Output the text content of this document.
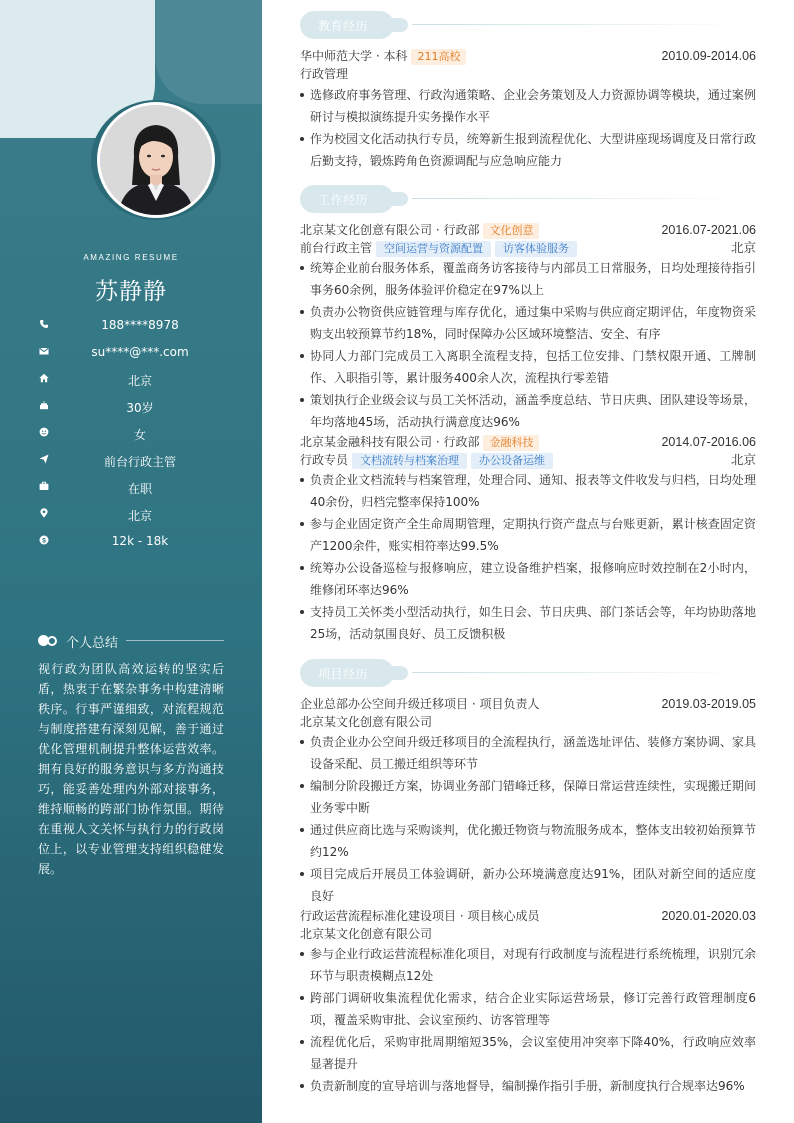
AMAZING RESUME
苏静静
188****8978
su****@***.com
北京
30岁
女
前台行政主管
在职
北京
$	12k - 18k
个人总结
视行政为团队高效运转的坚实后盾，热衷于在繁杂事务中构建清晰秩序。行事严谨细致，对流程规范与制度搭建有深刻见解，善于通过优化管理机制提升整体运营效率。拥有良好的服务意识与多方沟通技巧，能妥善处理内外部对接事务，维持顺畅的跨部门协作氛围。期待在重视人文关怀与执行力的行政岗位上，以专业管理支持组织稳健发展。
教育经历
华中师范大学 · 本科 211高校	2010.09-2014.06
行政管理
选修政府事务管理、行政沟通策略、企业会务策划及人力资源协调等模块，通过案例研讨与模拟演练提升实务操作水平
作为校园文化活动执行专员，统筹新生报到流程优化、大型讲座现场调度及日常行政后勤支持，锻炼跨角色资源调配与应急响应能力
工作经历
北京某文化创意有限公司 · 行政部 文化创意	2016.07-2021.06
前台行政主管 空间运营与资源配置 访客体验服务	北京
统筹企业前台服务体系，覆盖商务访客接待与内部员工日常服务，日均处理接待指引事务60余例，服务体验评价稳定在97%以上
负责办公物资供应链管理与库存优化，通过集中采购与供应商定期评估，年度物资采购支出较预算节约18%，同时保障办公区域环境整洁、安全、有序
协同人力部门完成员工入离职全流程支持，包括工位安排、门禁权限开通、工牌制作、入职指引等，累计服务400余人次，流程执行零差错
策划执行企业级会议与员工关怀活动，涵盖季度总结、节日庆典、团队建设等场景，年均落地45场，活动执行满意度达96%
北京某金融科技有限公司 · 行政部 金融科技	2014.07-2016.06
行政专员 文档流转与档案治理 办公设备运维	北京
负责企业文档流转与档案管理，处理合同、通知、报表等文件收发与归档，日均处理40余份，归档完整率保持100%
参与企业固定资产全生命周期管理，定期执行资产盘点与台账更新，累计核查固定资产1200余件，账实相符率达99.5%
统筹办公设备巡检与报修响应，建立设备维护档案，报修响应时效控制在2小时内，维修闭环率达96%
支持员工关怀类小型活动执行，如生日会、节日庆典、部门茶话会等，年均协助落地25场，活动氛围良好、员工反馈积极
项目经历
企业总部办公空间升级迁移项目 · 项目负责人	2019.03-2019.05
北京某文化创意有限公司
负责企业办公空间升级迁移项目的全流程执行，涵盖选址评估、装修方案协调、家具设备采配、员工搬迁组织等环节
编制分阶段搬迁方案，协调业务部门错峰迁移，保障日常运营连续性，实现搬迁期间业务零中断
通过供应商比选与采购谈判，优化搬迁物资与物流服务成本，整体支出较初始预算节约12%
项目完成后开展员工体验调研，新办公环境满意度达91%，团队对新空间的适应度良好
行政运营流程标准化建设项目 · 项目核心成员	2020.01-2020.03
北京某文化创意有限公司
参与企业行政运营流程标准化项目，对现有行政制度与流程进行系统梳理，识别冗余环节与职责模糊点12处
跨部门调研收集流程优化需求，结合企业实际运营场景，修订完善行政管理制度6项，覆盖采购审批、会议室预约、访客管理等
流程优化后，采购审批周期缩短35%，会议室使用冲突率下降40%，行政响应效率显著提升
负责新制度的宣导培训与落地督导，编制操作指引手册，新制度执行合规率达96%
